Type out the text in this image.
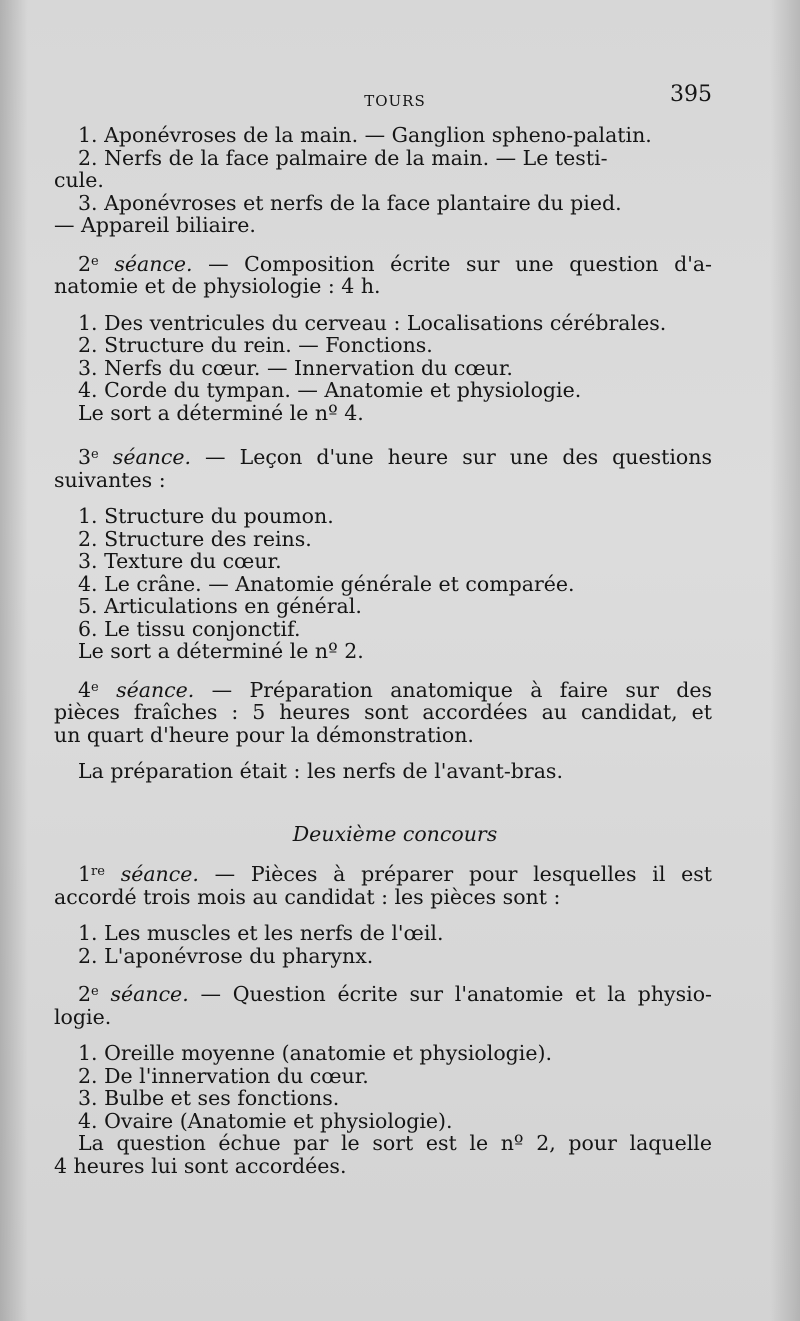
TOURS	395

1. Aponévroses de la main. — Ganglion spheno-palatin.

2. Nerfs de la face palmaire de la main. — Le testi-

cule.

3. Aponévroses et nerfs de la face plantaire du pied.

— Appareil biliaire.

2e séance. — Composition écrite sur une question d'a-

natomie et de physiologie : 4 h.

1. Des ventricules du cerveau : Localisations cérébrales.

2. Structure du rein. — Fonctions.

3. Nerfs du cœur. — Innervation du cœur.

4. Corde du tympan. — Anatomie et physiologie.

Le sort a déterminé le nº 4.

3e séance. — Leçon d'une heure sur une des questions

suivantes :

1. Structure du poumon.

2. Structure des reins.

3. Texture du cœur.

4. Le crâne. — Anatomie générale et comparée.

5. Articulations en général.

6. Le tissu conjonctif.

Le sort a déterminé le nº 2.

4e séance. — Préparation anatomique à faire sur des

pièces fraîches : 5 heures sont accordées au candidat, et

un quart d'heure pour la démonstration.

La préparation était : les nerfs de l'avant-bras.

Deuxième concours

1re séance. — Pièces à préparer pour lesquelles il est

accordé trois mois au candidat : les pièces sont :

1. Les muscles et les nerfs de l'œil.

2. L'aponévrose du pharynx.

2e séance. — Question écrite sur l'anatomie et la physio-

logie.

1. Oreille moyenne (anatomie et physiologie).

2. De l'innervation du cœur.

3. Bulbe et ses fonctions.

4. Ovaire (Anatomie et physiologie).

La question échue par le sort est le nº 2, pour laquelle

4 heures lui sont accordées.
